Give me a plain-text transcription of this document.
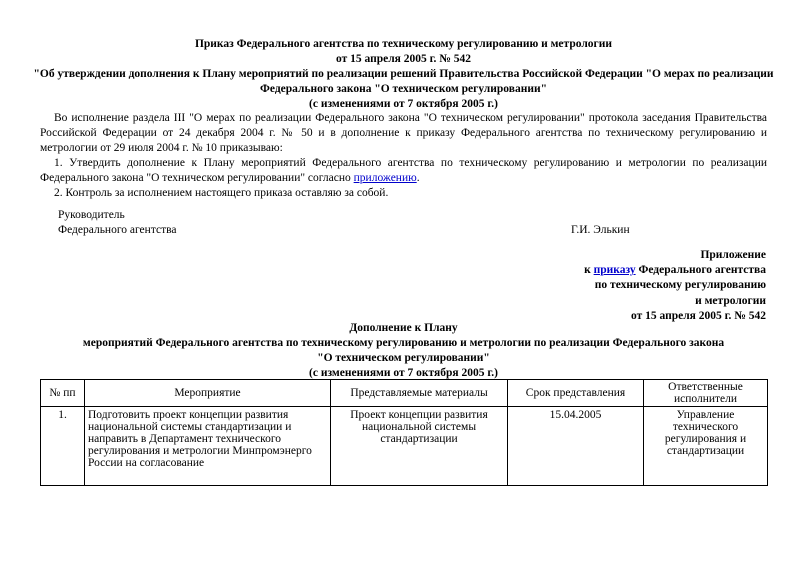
Приказ Федерального агентства по техническому регулированию и метрологии
от 15 апреля 2005 г. № 542
"Об утверждении дополнения к Плану мероприятий по реализации решений Правительства Российской Федерации "О мерах по реализации
Федерального закона "О техническом регулировании"
(с изменениями от 7 октября 2005 г.)

Во исполнение раздела III "О мерах по реализации Федерального закона "О техническом регулировании" протокола заседания Правительства Российской Федерации от 24 декабря 2004 г. № 50 и в дополнение к приказу Федерального агентства по техническому регулированию и метрологии от 29 июля 2004 г. № 10 приказываю:

1. Утвердить дополнение к Плану мероприятий Федерального агентства по техническому регулированию и метрологии по реализации Федерального закона "О техническом регулировании" согласно приложению.

2. Контроль за исполнением настоящего приказа оставляю за собой.

Руководитель
Федерального агентства	Г.И. Элькин
Приложение
к приказу Федерального агентства
по техническому регулированию
и метрологии
от 15 апреля 2005 г. № 542
Дополнение к Плану
мероприятий Федерального агентства по техническому регулированию и метрологии по реализации Федерального закона
"О техническом регулировании"
(с изменениями от 7 октября 2005 г.)
№ пп	Мероприятие	Представляемые материалы	Срок представления	Ответственные исполнители
1.	Подготовить проект концепции развития национальной системы стандартизации и направить в Департамент технического регулирования и метрологии Минпромэнерго России на согласование	Проект концепции развития национальной системы стандартизации	15.04.2005	Управление технического регулирования и стандартизации
